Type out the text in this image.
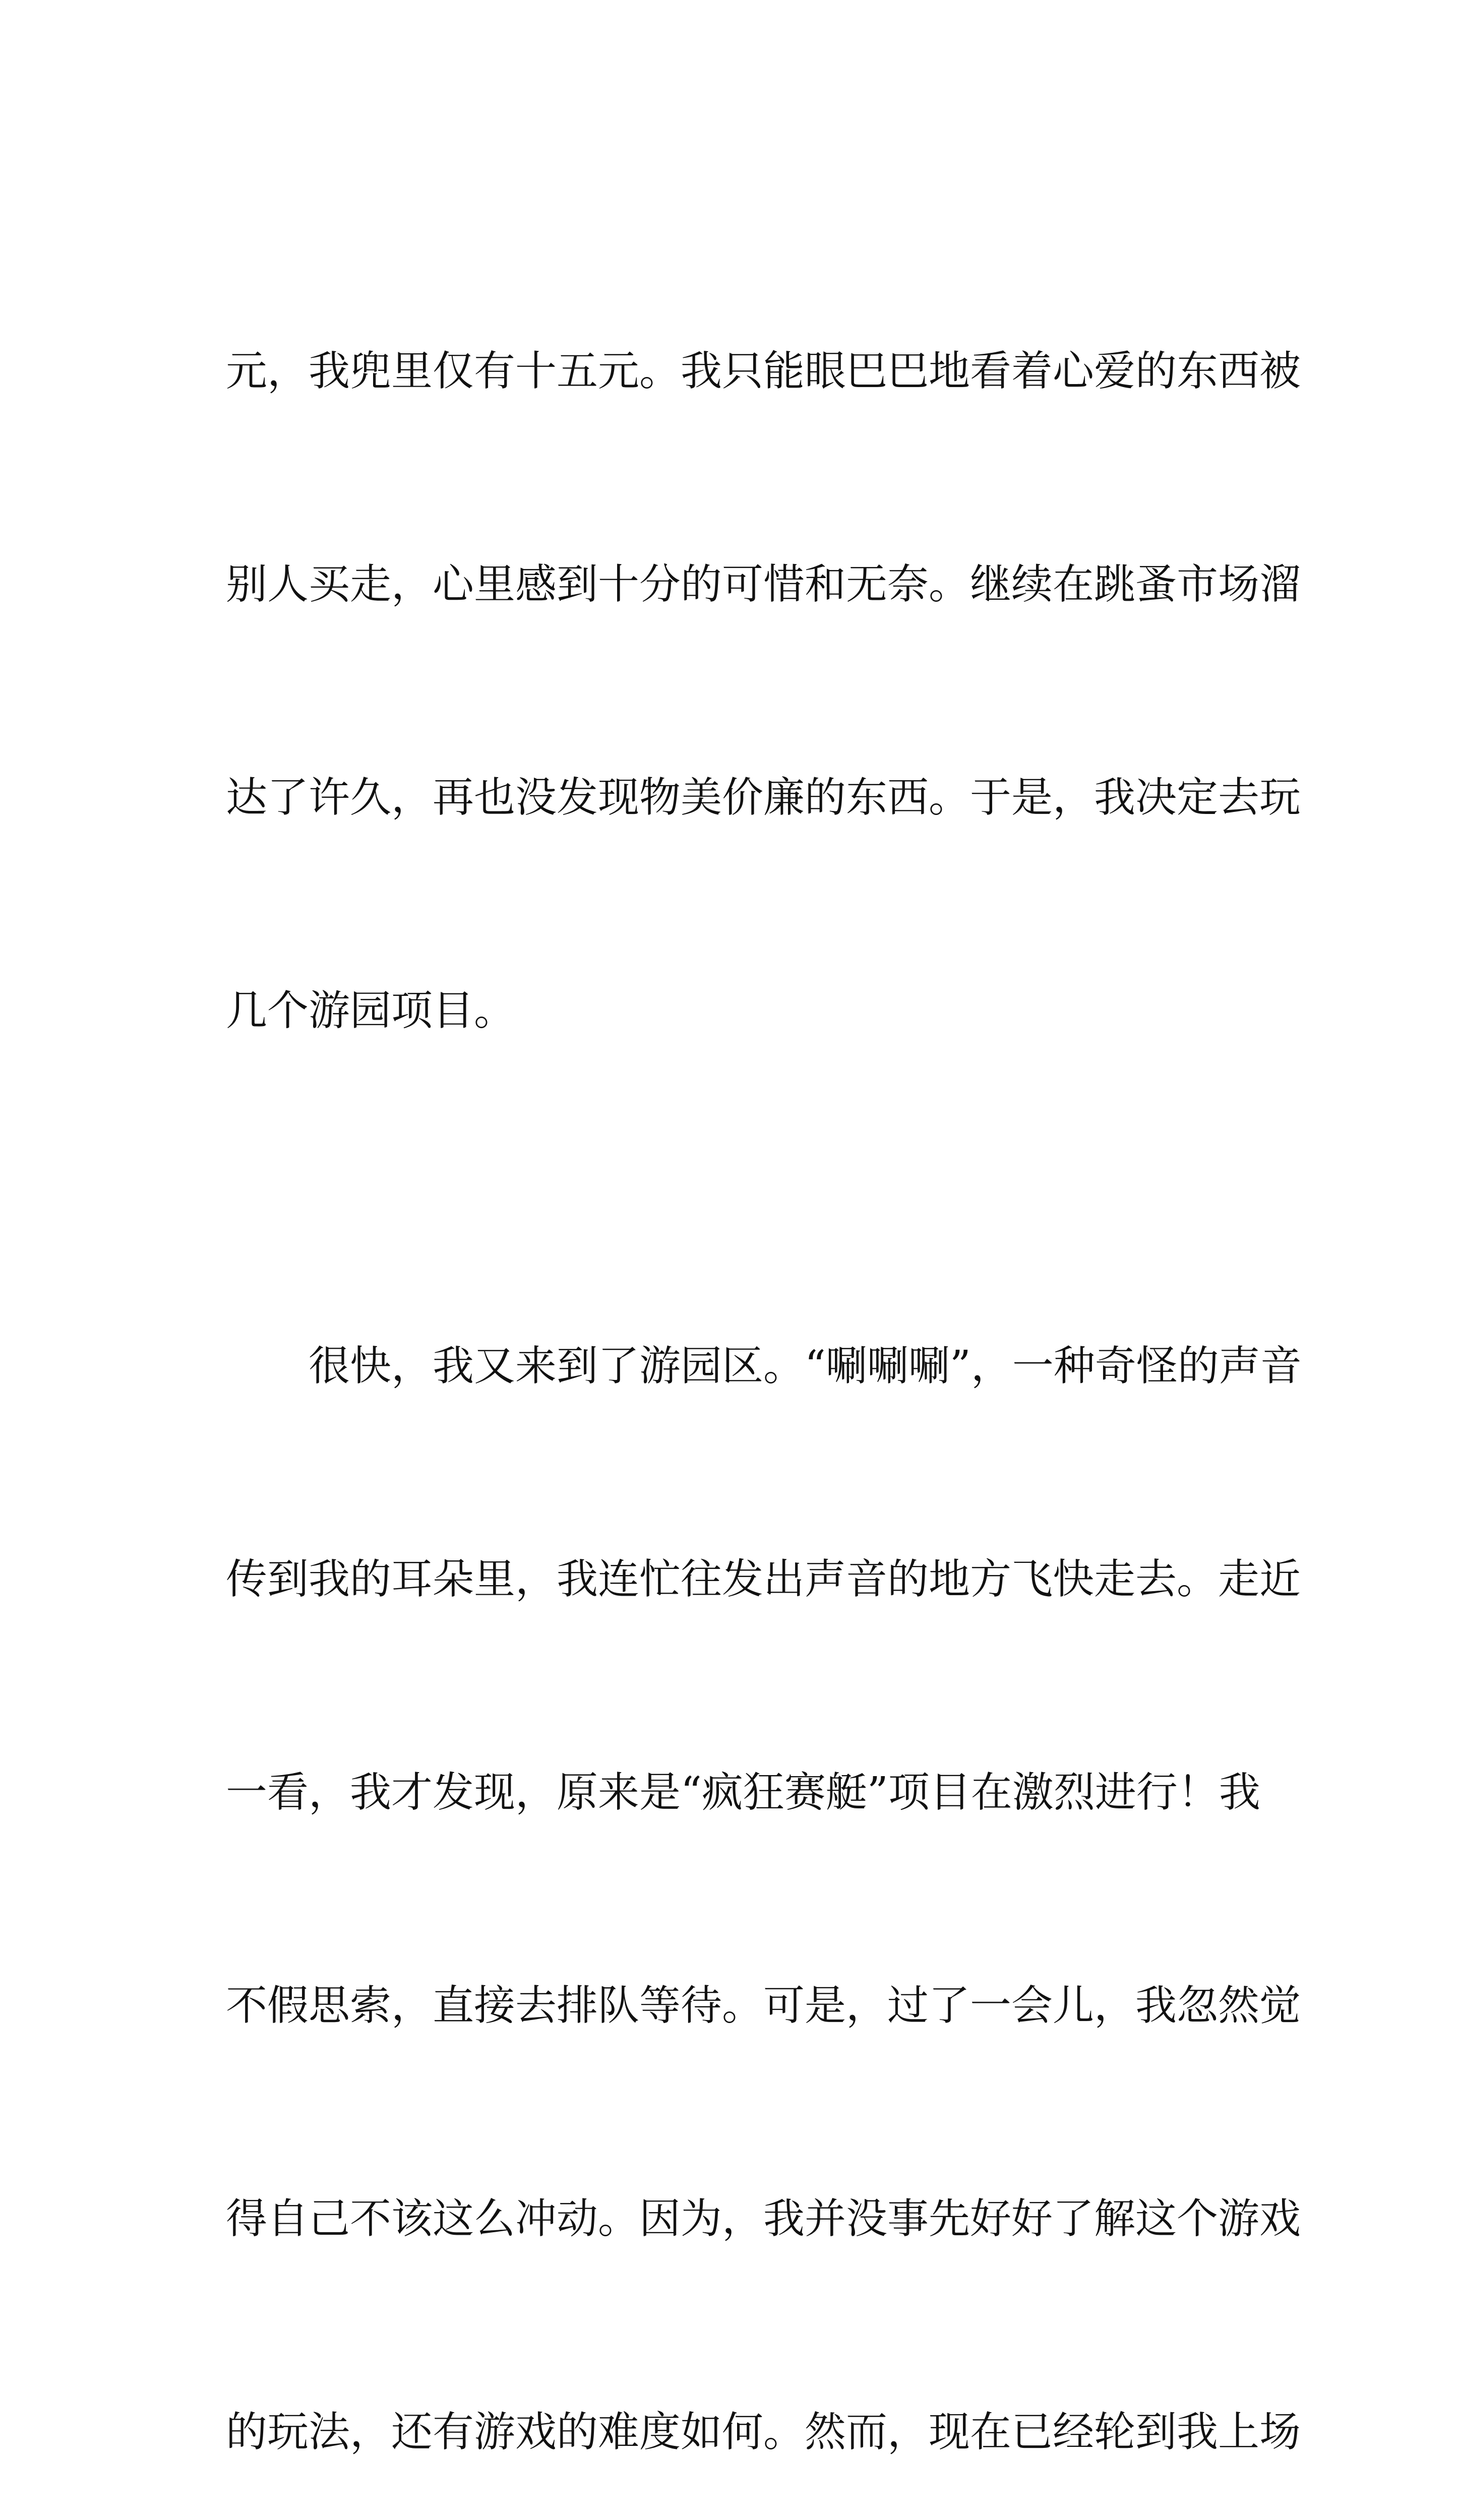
元，我兜里仅有十五元。我只能眼巴巴地看着心爱的东西被

别人买走，心里感到十分的可惜和无奈。继续在跳蚤市场溜

达了许久，再也没发现物美价廉的东西。于是，我决定去玩

几个游园项目。

　　很快，我又来到了游园区。“唰唰唰”，一种奇怪的声音

传到我的耳朵里，我连忙往发出声音的地方飞快走去。走近

一看，我才发现，原来是“疯狂赛艇”项目在激烈进行！我

不假思索，直接去排队等待。可是，过了一会儿，我忽然觉

得自己不该这么冲动。因为，我并没事先好好了解这个游戏

的玩法，还有游戏的难度如何。然而，现在已经轮到我上场
